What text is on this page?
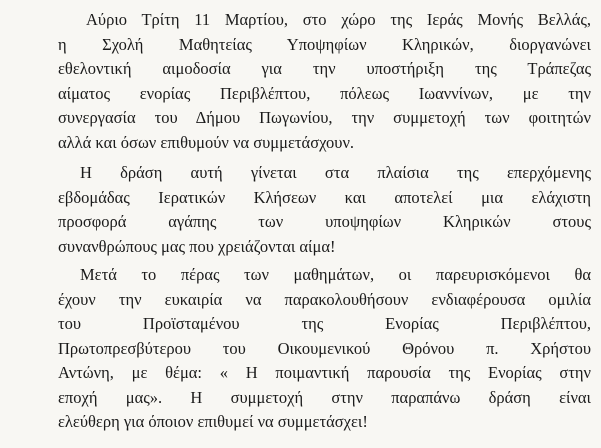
Αύριο Τρίτη 11 Μαρτίου, στο χώρο της Ιεράς Μονής Βελλάς,
η Σχολή Μαθητείας Υποψηφίων Κληρικών, διοργανώνει
εθελοντική αιμοδοσία για την υποστήριξη της Τράπεζας
αίματος ενορίας Περιβλέπτου, πόλεως Ιωαννίνων, με την
συνεργασία του Δήμου Πωγωνίου, την συμμετοχή των φοιτητών
αλλά και όσων επιθυμούν να συμμετάσχουν.
Η δράση αυτή γίνεται στα πλαίσια της επερχόμενης
εβδομάδας Ιερατικών Κλήσεων και αποτελεί μια ελάχιστη
προσφορά αγάπης των υποψηφίων Κληρικών στους
συνανθρώπους μας που χρειάζονται αίμα!
Μετά το πέρας των μαθημάτων, οι παρευρισκόμενοι θα
έχουν την ευκαιρία να παρακολουθήσουν ενδιαφέρουσα ομιλία
του Προϊσταμένου της Ενορίας Περιβλέπτου,
Πρωτοπρεσβύτερου του Οικουμενικού Θρόνου π. Χρήστου
Αντώνη, με θέμα: « Η ποιμαντική παρουσία της Ενορίας στην
εποχή μας». Η συμμετοχή στην παραπάνω δράση είναι
ελεύθερη για όποιον επιθυμεί να συμμετάσχει!
